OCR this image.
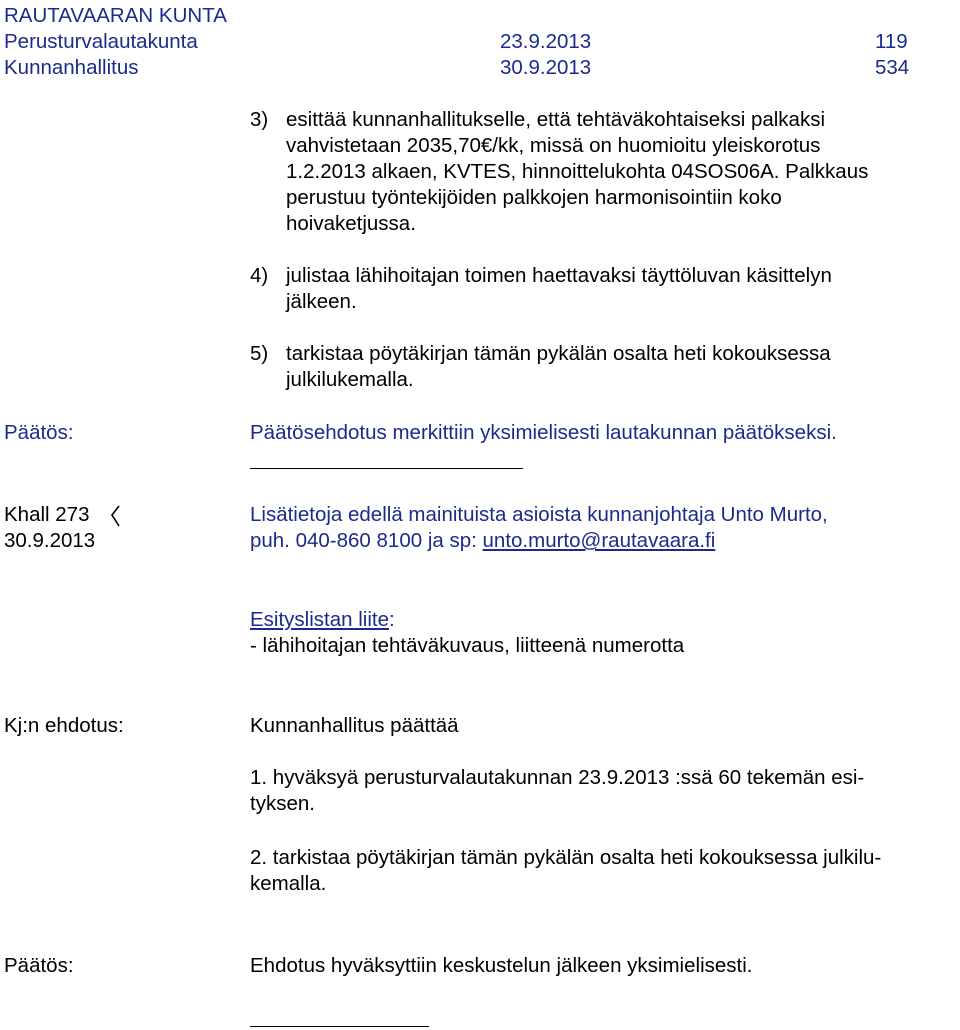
RAUTAVAARAN KUNTA
Perusturvalautakunta	23.9.2013	119
Kunnanhallitus	30.9.2013	534
3) esittää kunnanhallitukselle, että tehtäväkohtaiseksi palkaksi
vahvistetaan 2035,70€/kk, missä on huomioitu yleiskorotus
1.2.2013 alkaen, KVTES, hinnoittelukohta 04SOS06A. Palkkaus
perustuu työntekijöiden palkkojen harmonisointiin koko
hoivaketjussa.
4) julistaa lähihoitajan toimen haettavaksi täyttöluvan käsittelyn
jälkeen.
5) tarkistaa pöytäkirjan tämän pykälän osalta heti kokouksessa
julkilukemalla.
Päätös:	Päätösehdotus merkittiin yksimielisesti lautakunnan päätökseksi.
Khall 273
30.9.2013
Lisätietoja edellä mainituista asioista kunnanjohtaja Unto Murto,
puh. 040-860 8100 ja sp: unto.murto@rautavaara.fi
Esityslistan liite:
- lähihoitajan tehtäväkuvaus, liitteenä numerotta
Kj:n ehdotus:	Kunnanhallitus päättää
1. hyväksyä perusturvalautakunnan 23.9.2013 :ssä 60 tekemän esi-
tyksen.
2. tarkistaa pöytäkirjan tämän pykälän osalta heti kokouksessa julkilu-
kemalla.
Päätös:	Ehdotus hyväksyttiin keskustelun jälkeen yksimielisesti.
